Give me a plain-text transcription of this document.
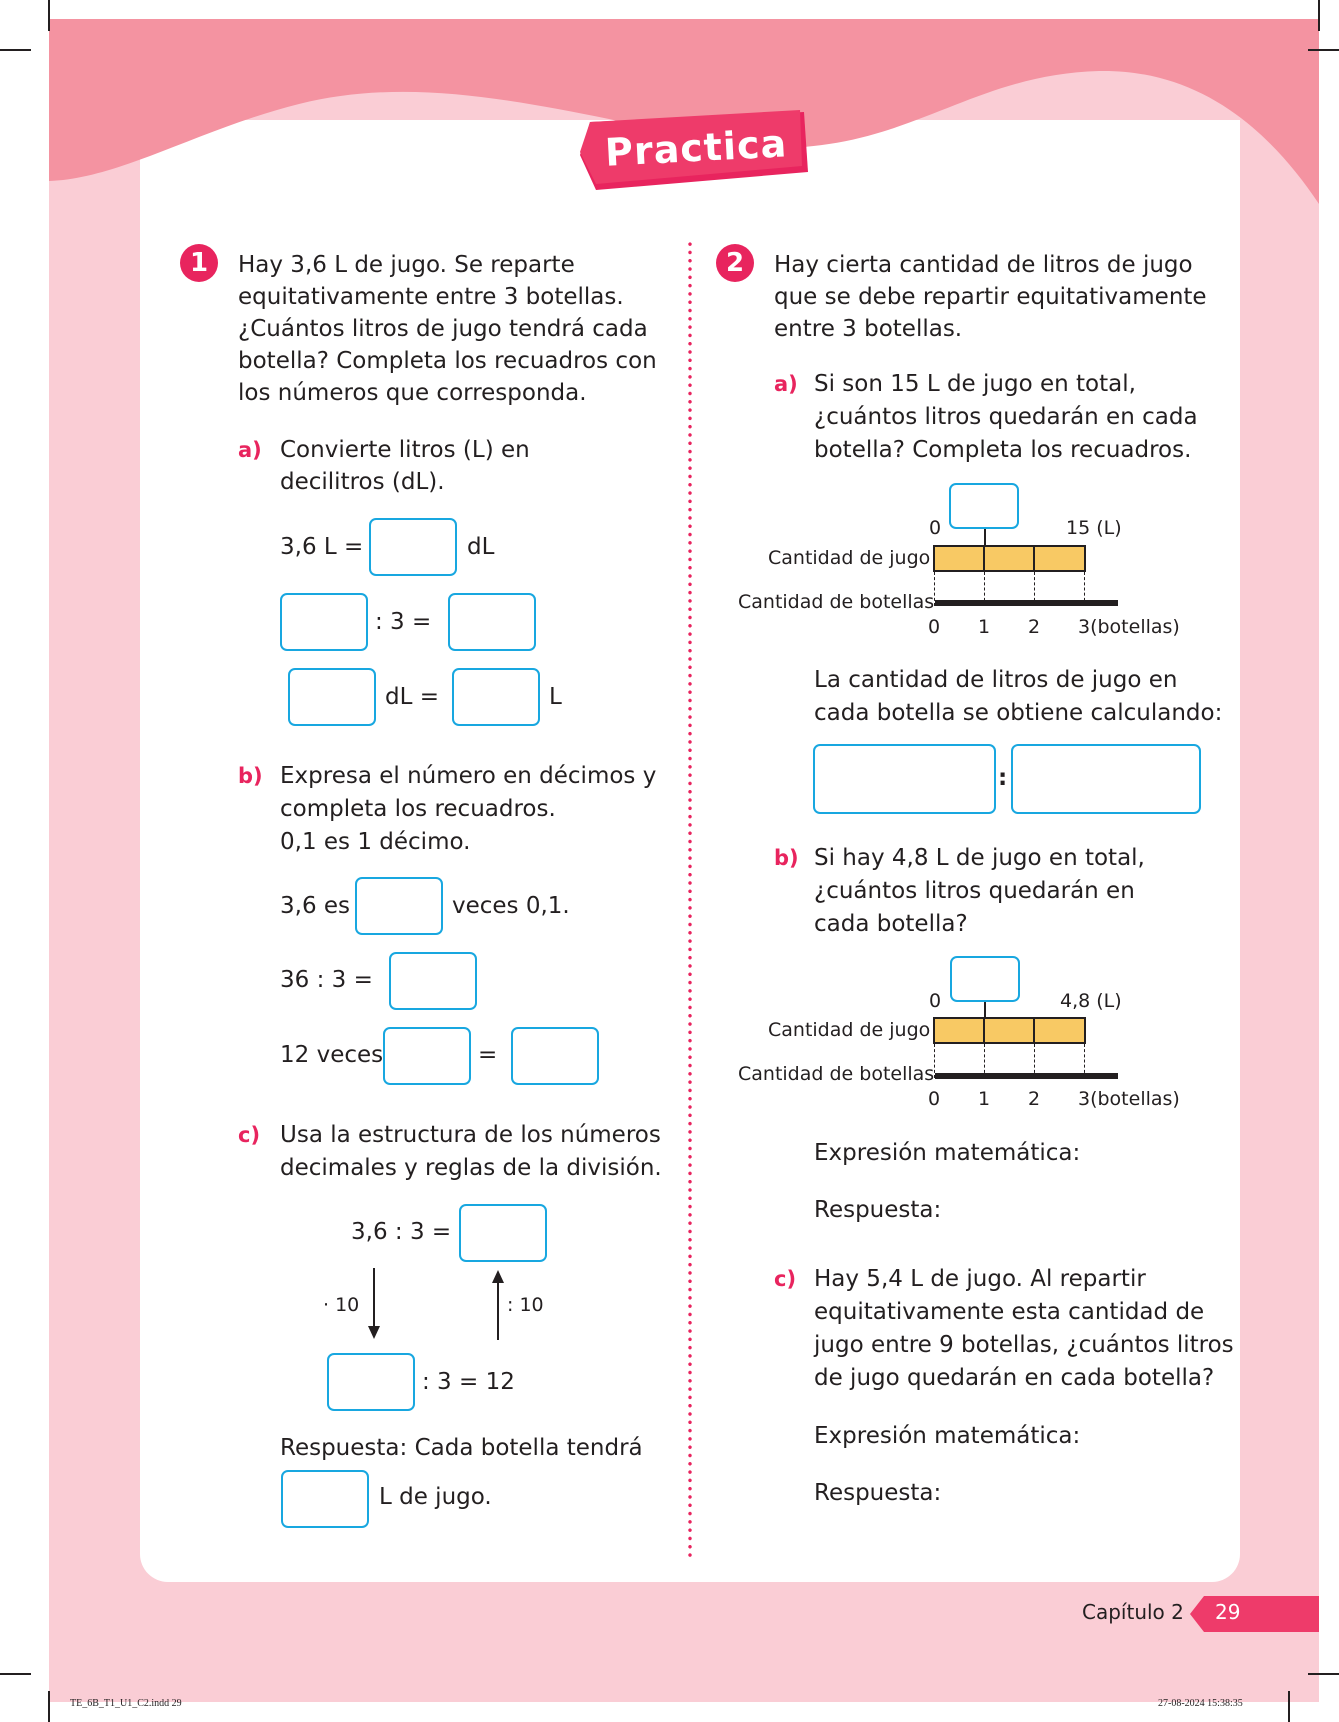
Practica
1	Hay 3,6 L de jugo. Se reparte
equitativamente entre 3 botellas.
¿Cuántos litros de jugo tendrá cada
botella? Completa los recuadros con
los números que corresponda.
a) Convierte litros (L) en
decilitros (dL).
3,6 L =	dL
: 3 =
dL =	L
b) Expresa el número en décimos y
completa los recuadros.
0,1 es 1 décimo.
3,6 es	veces 0,1.
36 : 3 =
12 veces	=
c) Usa la estructura de los números
decimales y reglas de la división.
3,6 : 3 =
· 10	: 10
: 3 = 12
Respuesta: Cada botella tendrá
L de jugo.
2	Hay cierta cantidad de litros de jugo
que se debe repartir equitativamente
entre 3 botellas.
a) Si son 15 L de jugo en total,
¿cuántos litros quedarán en cada
botella? Completa los recuadros.
0	15 (L)
Cantidad de jugo
Cantidad de botellas
0 1 2 3(botellas)
La cantidad de litros de jugo en
cada botella se obtiene calculando:
:
b) Si hay 4,8 L de jugo en total,
¿cuántos litros quedarán en
cada botella?
0	4,8 (L)
Cantidad de jugo
Cantidad de botellas
0 1 2 3(botellas)
Expresión matemática:
Respuesta:
c) Hay 5,4 L de jugo. Al repartir
equitativamente esta cantidad de
jugo entre 9 botellas, ¿cuántos litros
de jugo quedarán en cada botella?
Expresión matemática:
Respuesta:
Capítulo 2 29
TE_6B_T1_U1_C2.indd 29	27-08-2024 15:38:35
